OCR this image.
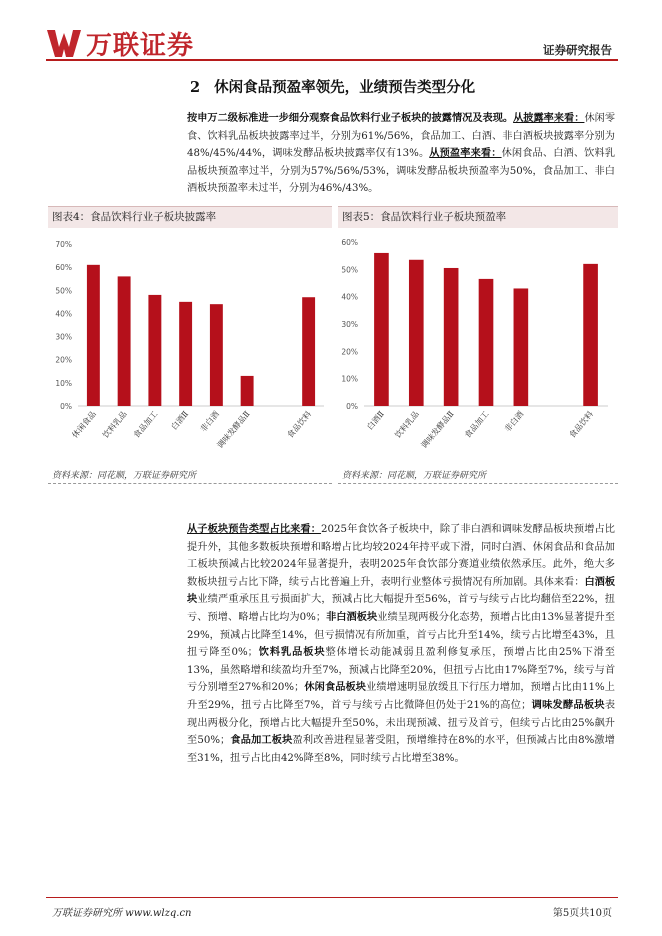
万联证券	证券研究报告
2 休闲食品预盈率领先，业绩预告类型分化
按申万二级标准进一步细分观察食品饮料行业子板块的披露情况及表现。从披露率来看：休闲零食、饮料乳品板块披露率过半，分别为61%/56%，食品加工、白酒、非白酒板块披露率分别为48%/45%/44%，调味发酵品板块披露率仅有13%。从预盈率来看：休闲食品、白酒、饮料乳品板块预盈率过半，分别为57%/56%/53%，调味发酵品板块预盈率为50%，食品加工、非白酒板块预盈率未过半，分别为46%/43%。
图表4：食品饮料行业子板块披露率
0%
10%
20%
30%
40%
50%
60%
70%
休闲食品 饮料乳品 食品加工 白酒Ⅱ 非白酒
调味发酵品Ⅱ	食品饮料
资料来源：同花顺，万联证券研究所
图表5：食品饮料行业子板块预盈率
0%
10%
20%
30%
40%
50%
60%
白酒Ⅱ 饮料乳品
调味发酵品Ⅱ 食品加工 非白酒	食品饮料
资料来源：同花顺，万联证券研究所
从子板块预告类型占比来看：2025年食饮各子板块中，除了非白酒和调味发酵品板块预增占比提升外，其他多数板块预增和略增占比均较2024年持平或下滑，同时白酒、休闲食品和食品加工板块预减占比较2024年显著提升，表明2025年食饮部分赛道业绩依然承压。此外，绝大多数板块扭亏占比下降，续亏占比普遍上升，表明行业整体亏损情况有所加剧。具体来看：白酒板块业绩严重承压且亏损面扩大，预减占比大幅提升至56%，首亏与续亏占比均翻倍至22%，扭亏、预增、略增占比均为0%；非白酒板块业绩呈现两极分化态势，预增占比由13%显著提升至29%，预减占比降至14%，但亏损情况有所加重，首亏占比升至14%，续亏占比增至43%，且扭亏降至0%；饮料乳品板块整体增长动能减弱且盈利修复承压，预增占比由25%下滑至13%，虽然略增和续盈均升至7%，预减占比降至20%，但扭亏占比由17%降至7%，续亏与首亏分别增至27%和20%；休闲食品板块业绩增速明显放缓且下行压力增加，预增占比由11%上升至29%，扭亏占比降至7%，首亏与续亏占比微降但仍处于21%的高位；调味发酵品板块表现出两极分化，预增占比大幅提升至50%，未出现预减、扭亏及首亏，但续亏占比由25%飙升至50%；食品加工板块盈利改善进程显著受阻，预增维持在8%的水平，但预减占比由8%激增至31%，扭亏占比由42%降至8%，同时续亏占比增至38%。
万联证券研究所 www.wlzq.cn	第5页共10页
